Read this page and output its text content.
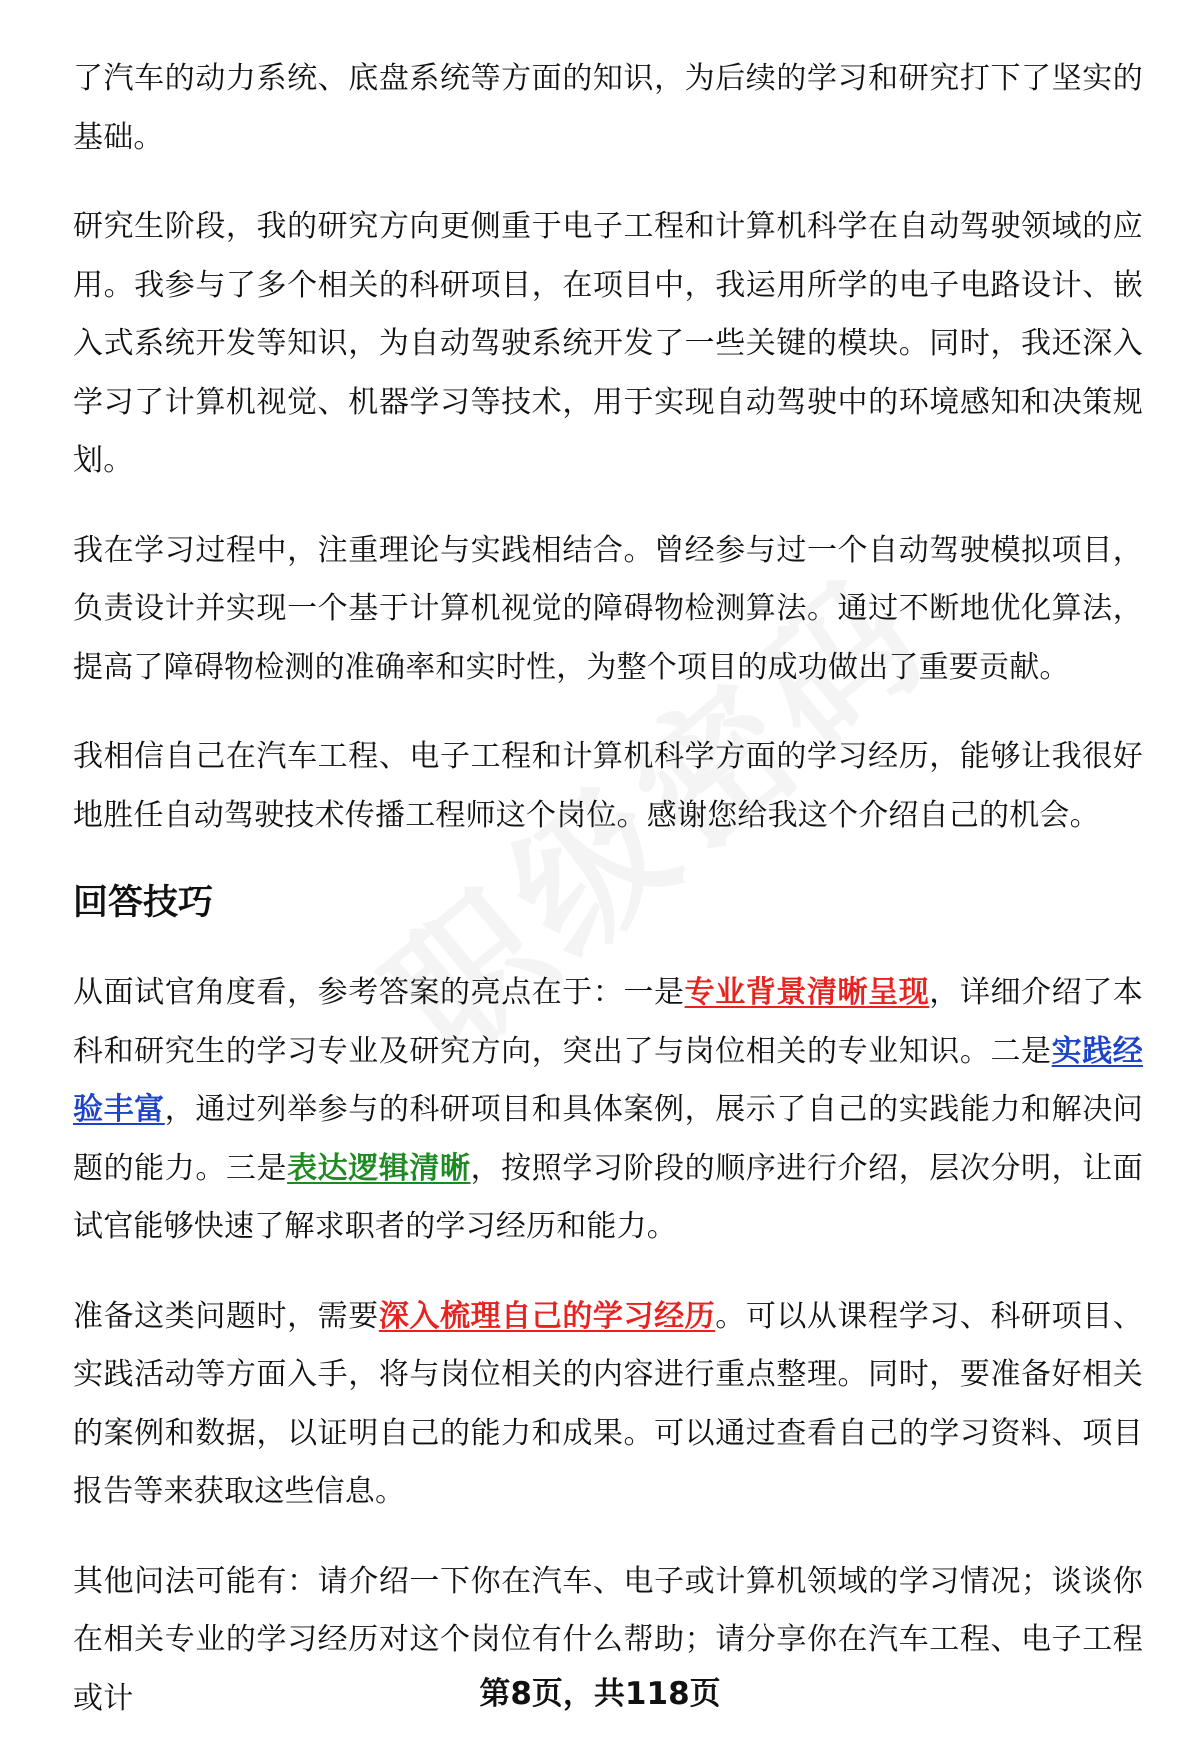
了汽车的动力系统、底盘系统等方面的知识，为后续的学习和研究打下了坚实的基础。

研究生阶段，我的研究方向更侧重于电子工程和计算机科学在自动驾驶领域的应用。我参与了多个相关的科研项目，在项目中，我运用所学的电子电路设计、嵌入式系统开发等知识，为自动驾驶系统开发了一些关键的模块。同时，我还深入学习了计算机视觉、机器学习等技术，用于实现自动驾驶中的环境感知和决策规划。

我在学习过程中，注重理论与实践相结合。曾经参与过一个自动驾驶模拟项目，负责设计并实现一个基于计算机视觉的障碍物检测算法。通过不断地优化算法，提高了障碍物检测的准确率和实时性，为整个项目的成功做出了重要贡献。

我相信自己在汽车工程、电子工程和计算机科学方面的学习经历，能够让我很好地胜任自动驾驶技术传播工程师这个岗位。感谢您给我这个介绍自己的机会。

回答技巧

从面试官角度看，参考答案的亮点在于：一是专业背景清晰呈现，详细介绍了本科和研究生的学习专业及研究方向，突出了与岗位相关的专业知识。二是实践经验丰富，通过列举参与的科研项目和具体案例，展示了自己的实践能力和解决问题的能力。三是表达逻辑清晰，按照学习阶段的顺序进行介绍，层次分明，让面试官能够快速了解求职者的学习经历和能力。

准备这类问题时，需要深入梳理自己的学习经历。可以从课程学习、科研项目、实践活动等方面入手，将与岗位相关的内容进行重点整理。同时，要准备好相关的案例和数据，以证明自己的能力和成果。可以通过查看自己的学习资料、项目报告等来获取这些信息。

其他问法可能有：请介绍一下你在汽车、电子或计算机领域的学习情况；谈谈你在相关专业的学习经历对这个岗位有什么帮助；请分享你在汽车工程、电子工程或计	第8页，共118页
